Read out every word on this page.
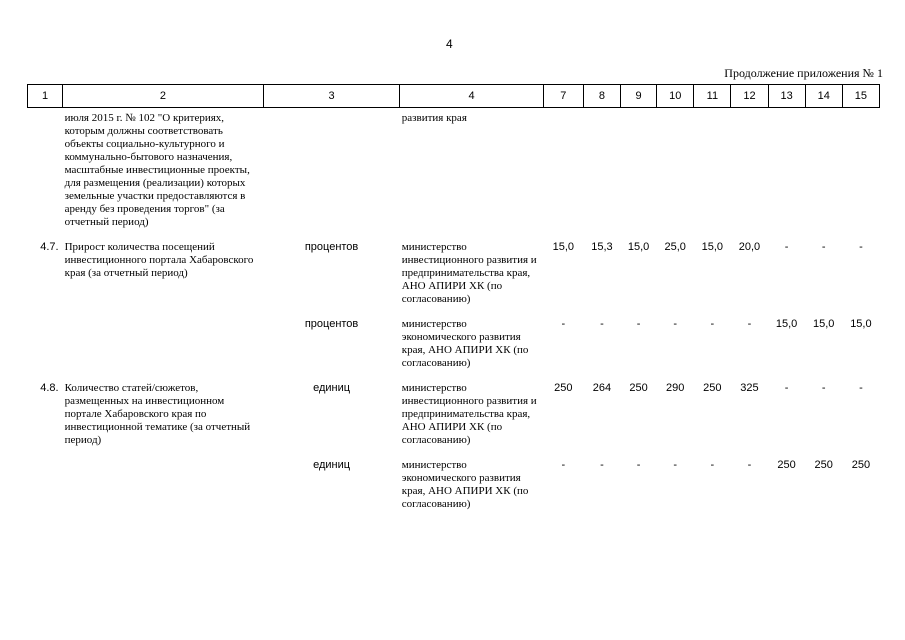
4
Продолжение приложения № 1
1	2	3	4	7	8	9	10	11	12	13	14	15
	июля 2015 г. № 102 "О критериях, которым должны соответствовать объекты социально-культурного и коммунально-бытового назначения, масштабные инвестиционные проекты, для размещения (реализации) которых земельные участки предоставляются в аренду без проведения торгов" (за отчетный период)		развития края									
4.7.	Прирост количества посещений инвестиционного портала Хабаровского края (за отчетный период)	процентов	министерство инвестиционного развития и предпринимательства края, АНО АПИРИ ХК (по согласованию)	15,0	15,3	15,0	25,0	15,0	20,0	-	-	-
		процентов	министерство экономического развития края, АНО АПИРИ ХК (по согласованию)	-	-	-	-	-	-	15,0	15,0	15,0
4.8.	Количество статей/сюжетов, размещенных на инвестиционном портале Хабаровского края по инвестиционной тематике (за отчетный период)	единиц	министерство инвестиционного развития и предпринимательства края, АНО АПИРИ ХК (по согласованию)	250	264	250	290	250	325	-	-	-
		единиц	министерство экономического развития края, АНО АПИРИ ХК (по согласованию)	-	-	-	-	-	-	250	250	250
